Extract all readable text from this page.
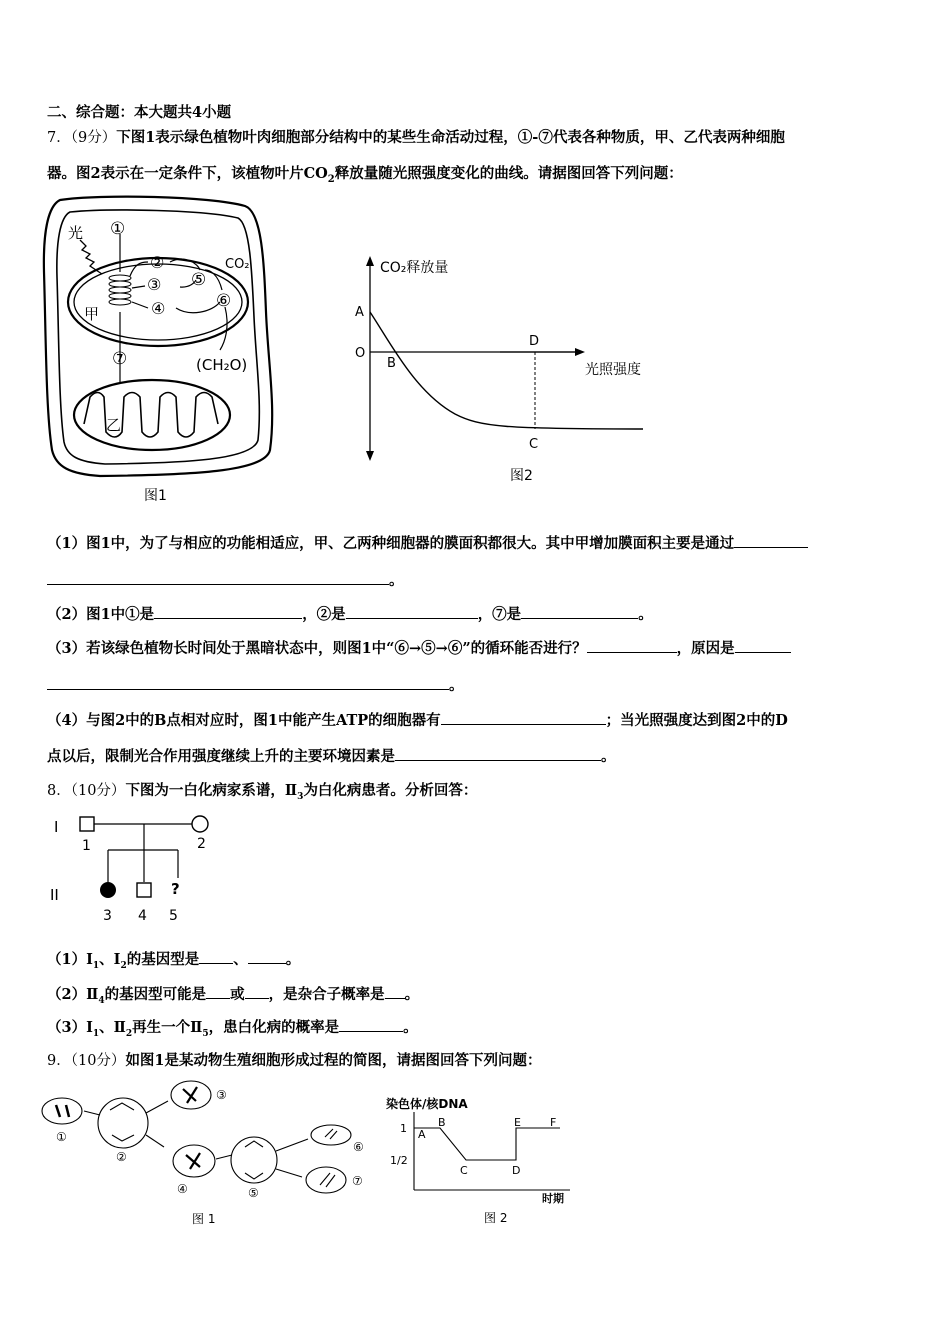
二、综合题：本大题共4小题
7．（9分）下图1表示绿色植物叶肉细胞部分结构中的某些生命活动过程，①-⑦代表各种物质，甲、乙代表两种细胞
器。图2表示在一定条件下，该植物叶片$CO_2$释放量随光照强度变化的曲线。请据图回答下列问题：
光 ①
②
③
④
⑤
⑥
⑦
CO₂
(CH₂O)
甲
乙
图1
CO₂释放量
光照强度
A
O
B
D
C
图2
（1）图1中，为了与相应的功能相适应，甲、乙两种细胞器的膜面积都很大。其中甲增加膜面积主要是通过
。
（2）图1中①是	，②是	，⑦是	。
（3）若该绿色植物长时间处于黑暗状态中，则图1中“⑥→⑤→⑥”的循环能否进行？	，原因是
。
（4）与图2中的B点相对应时，图1中能产生ATP的细胞器有	；当光照强度达到图2中的D
点以后，限制光合作用强度继续上升的主要环境因素是	。
8．（10分）下图为一白化病家系谱，$Ⅱ_3$为白化病患者。分析回答：
I
1	2
II	?
3 4 5
$(1)Ⅰ_1$、$Ⅰ_2$的基因型是 、	。
$(2)Ⅱ_4$的基因型可能是 或 ，是杂合子概率是 。
$(3)Ⅰ_1$、$Ⅱ_2$再生一个$Ⅱ_5$，患白化病的概率是	。
9．（10分）如图1是某动物生殖细胞形成过程的简图，请据图回答下列问题：
①
②
③
④	⑤
⑥
⑦
图 1
染色体/核DNA
1
1/2
A
B
C	D
E	F
时期
图 2
